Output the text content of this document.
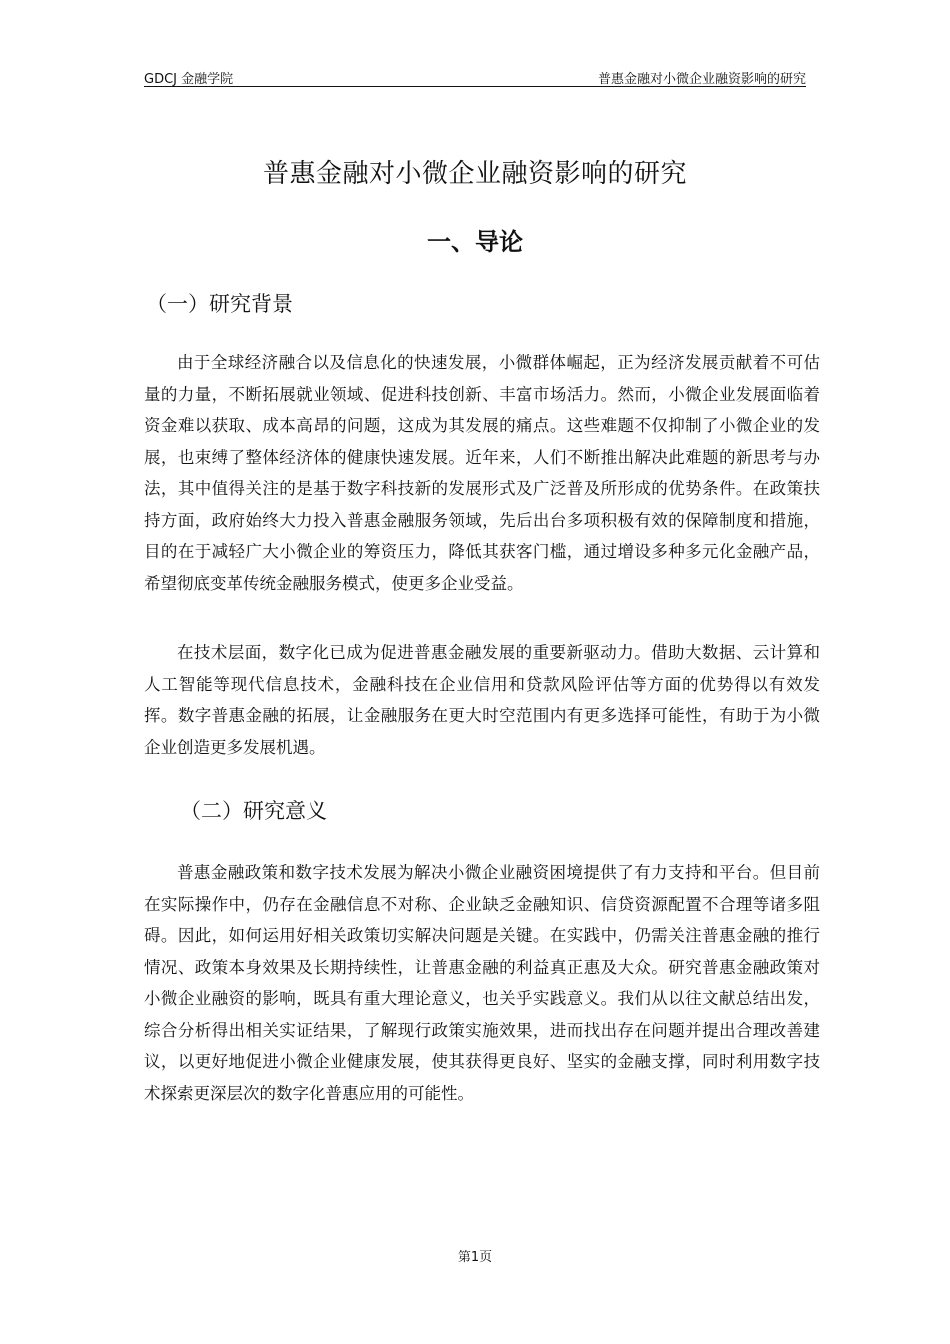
GDCJ 金融学院	普惠金融对小微企业融资影响的研究
普惠金融对小微企业融资影响的研究
一、导论
（一）研究背景

由于全球经济融合以及信息化的快速发展，小微群体崛起，正为经济发展贡献着不可估量的力量，不断拓展就业领域、促进科技创新、丰富市场活力。然而，小微企业发展面临着资金难以获取、成本高昂的问题，这成为其发展的痛点。这些难题不仅抑制了小微企业的发展，也束缚了整体经济体的健康快速发展。近年来，人们不断推出解决此难题的新思考与办法，其中值得关注的是基于数字科技新的发展形式及广泛普及所形成的优势条件。在政策扶持方面，政府始终大力投入普惠金融服务领域，先后出台多项积极有效的保障制度和措施，目的在于减轻广大小微企业的筹资压力，降低其获客门槛，通过增设多种多元化金融产品，希望彻底变革传统金融服务模式，使更多企业受益。

在技术层面，数字化已成为促进普惠金融发展的重要新驱动力。借助大数据、云计算和人工智能等现代信息技术，金融科技在企业信用和贷款风险评估等方面的优势得以有效发挥。数字普惠金融的拓展，让金融服务在更大时空范围内有更多选择可能性，有助于为小微企业创造更多发展机遇。

（二）研究意义

普惠金融政策和数字技术发展为解决小微企业融资困境提供了有力支持和平台。但目前在实际操作中，仍存在金融信息不对称、企业缺乏金融知识、信贷资源配置不合理等诸多阻碍。因此，如何运用好相关政策切实解决问题是关键。在实践中，仍需关注普惠金融的推行情况、政策本身效果及长期持续性，让普惠金融的利益真正惠及大众。研究普惠金融政策对小微企业融资的影响，既具有重大理论意义，也关乎实践意义。我们从以往文献总结出发，综合分析得出相关实证结果，了解现行政策实施效果，进而找出存在问题并提出合理改善建议，以更好地促进小微企业健康发展，使其获得更良好、坚实的金融支撑，同时利用数字技术探索更深层次的数字化普惠应用的可能性。

第1页
